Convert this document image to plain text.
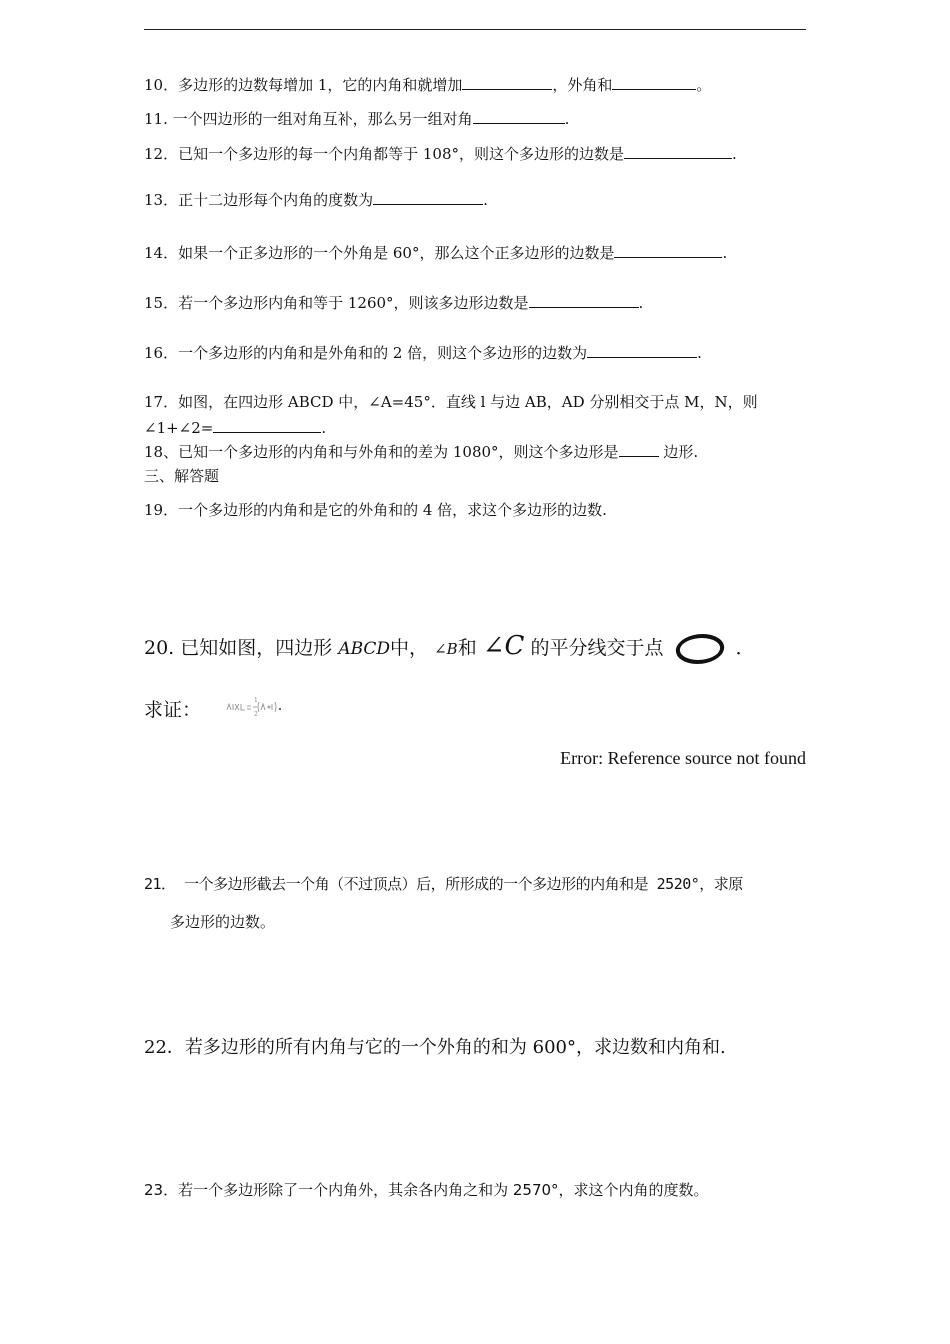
10．多边形的边数每增加 1，它的内角和就增加	，外角和	。
11. 一个四边形的一组对角互补，那么另一组对角	.
12．已知一个多边形的每一个内角都等于 108°，则这个多边形的边数是	.
13．正十二边形每个内角的度数为	.
14．如果一个正多边形的一个外角是 60°，那么这个正多边形的边数是	.
15．若一个多边形内角和等于 1260°，则该多边形边数是	.
16．一个多边形的内角和是外角和的 2 倍，则这个多边形的边数为	.
17．如图，在四边形 ABCD 中，∠A=45°．直线 l 与边 AB，AD 分别相交于点 M，N，则
∠1+∠2=	.
18、已知一个多边形的内角和与外角和的差为 1080°，则这个多边形是	边形.
三、解答题
19．一个多边形的内角和是它的外角和的 4 倍，求这个多边形的边数.
20. 已知如图，四边形 ABCD中， ∠B和 ∠C 的平分线交于点	．
求证：	1
2
Error: Reference source not found
21． 一个多边形截去一个角（不过顶点）后，所形成的一个多边形的内角和是 2520°，求原
多边形的边数。
22．若多边形的所有内角与它的一个外角的和为 600°，求边数和内角和.
23．若一个多边形除了一个内角外，其余各内角之和为 2570°，求这个内角的度数。
